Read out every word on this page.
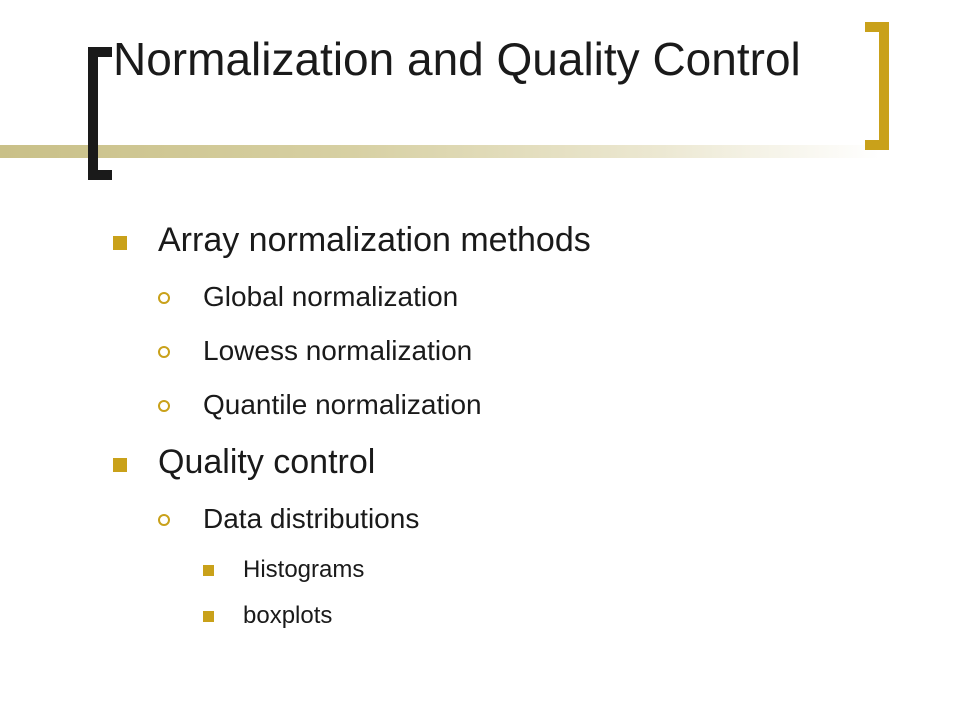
Normalization and Quality Control
Array normalization methods
Global normalization
Lowess normalization
Quantile normalization
Quality control
Data distributions
Histograms
boxplots
